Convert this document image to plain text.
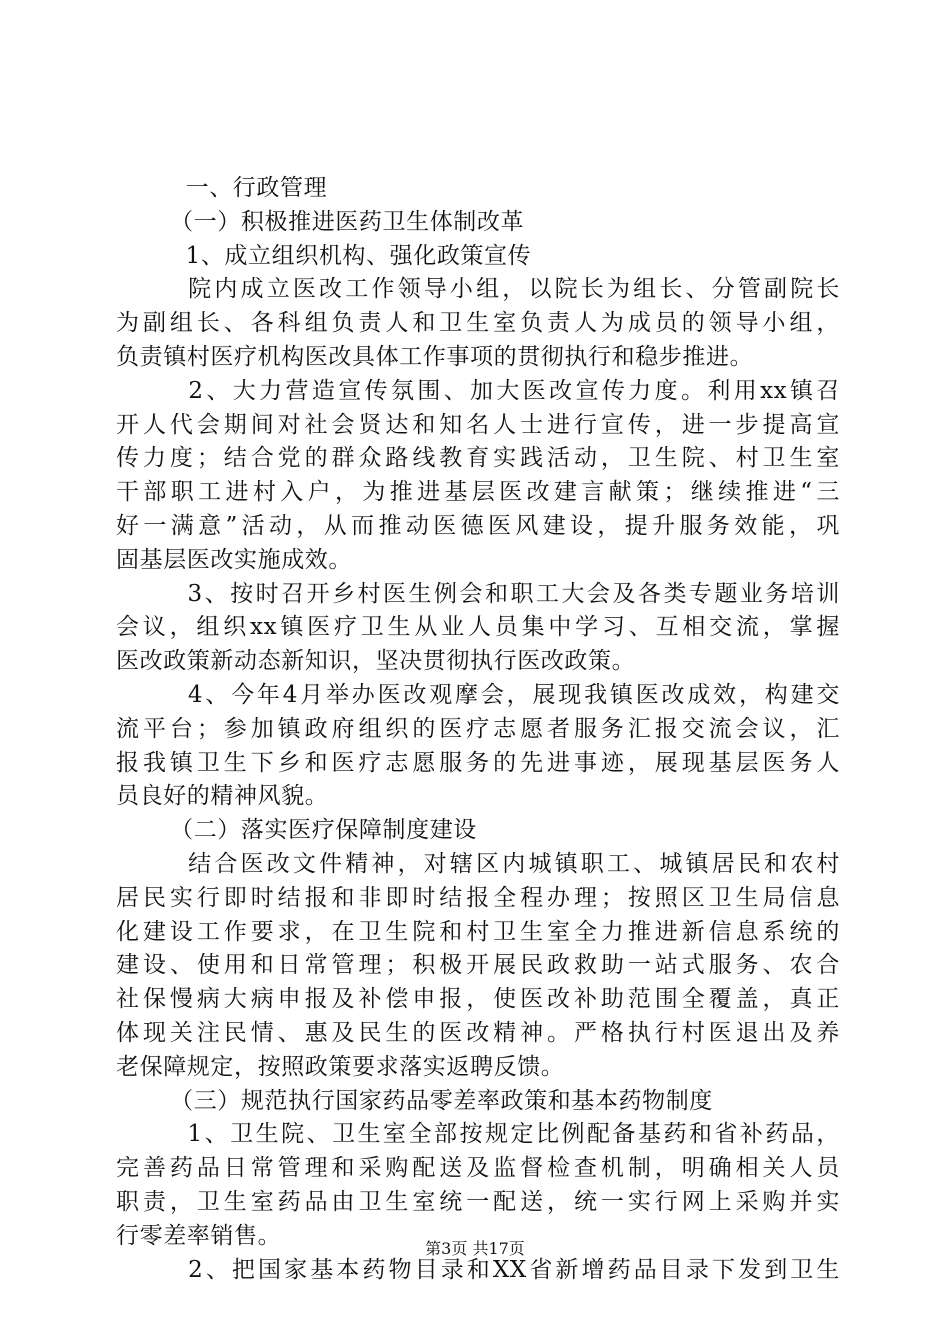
　一、行政管理
　（一）积极推进医药卫生体制改革
　1、成立组织机构、强化政策宣传
　院内成立医改工作领导小组，以院长为组长、分管副院长
为副组长、各科组负责人和卫生室负责人为成员的领导小组，
负责镇村医疗机构医改具体工作事项的贯彻执行和稳步推进。
　2、大力营造宣传氛围、加大医改宣传力度。利用xx镇召
开人代会期间对社会贤达和知名人士进行宣传，进一步提高宣
传力度；结合党的群众路线教育实践活动，卫生院、村卫生室
干部职工进村入户，为推进基层医改建言献策；继续推进“三
好一满意”活动，从而推动医德医风建设，提升服务效能，巩
固基层医改实施成效。
　3、按时召开乡村医生例会和职工大会及各类专题业务培训
会议，组织xx镇医疗卫生从业人员集中学习、互相交流，掌握
医改政策新动态新知识，坚决贯彻执行医改政策。
　4、今年4月举办医改观摩会，展现我镇医改成效，构建交
流平台；参加镇政府组织的医疗志愿者服务汇报交流会议，汇
报我镇卫生下乡和医疗志愿服务的先进事迹，展现基层医务人
员良好的精神风貌。
　（二）落实医疗保障制度建设
　结合医改文件精神，对辖区内城镇职工、城镇居民和农村
居民实行即时结报和非即时结报全程办理；按照区卫生局信息
化建设工作要求，在卫生院和村卫生室全力推进新信息系统的
建设、使用和日常管理；积极开展民政救助一站式服务、农合
社保慢病大病申报及补偿申报，使医改补助范围全覆盖，真正
体现关注民情、惠及民生的医改精神。严格执行村医退出及养
老保障规定，按照政策要求落实返聘反馈。
　（三）规范执行国家药品零差率政策和基本药物制度
　1、卫生院、卫生室全部按规定比例配备基药和省补药品，
完善药品日常管理和采购配送及监督检查机制，明确相关人员
职责，卫生室药品由卫生室统一配送，统一实行网上采购并实
行零差率销售。
　2、把国家基本药物目录和XX省新增药品目录下发到卫生
第3页 共17页
